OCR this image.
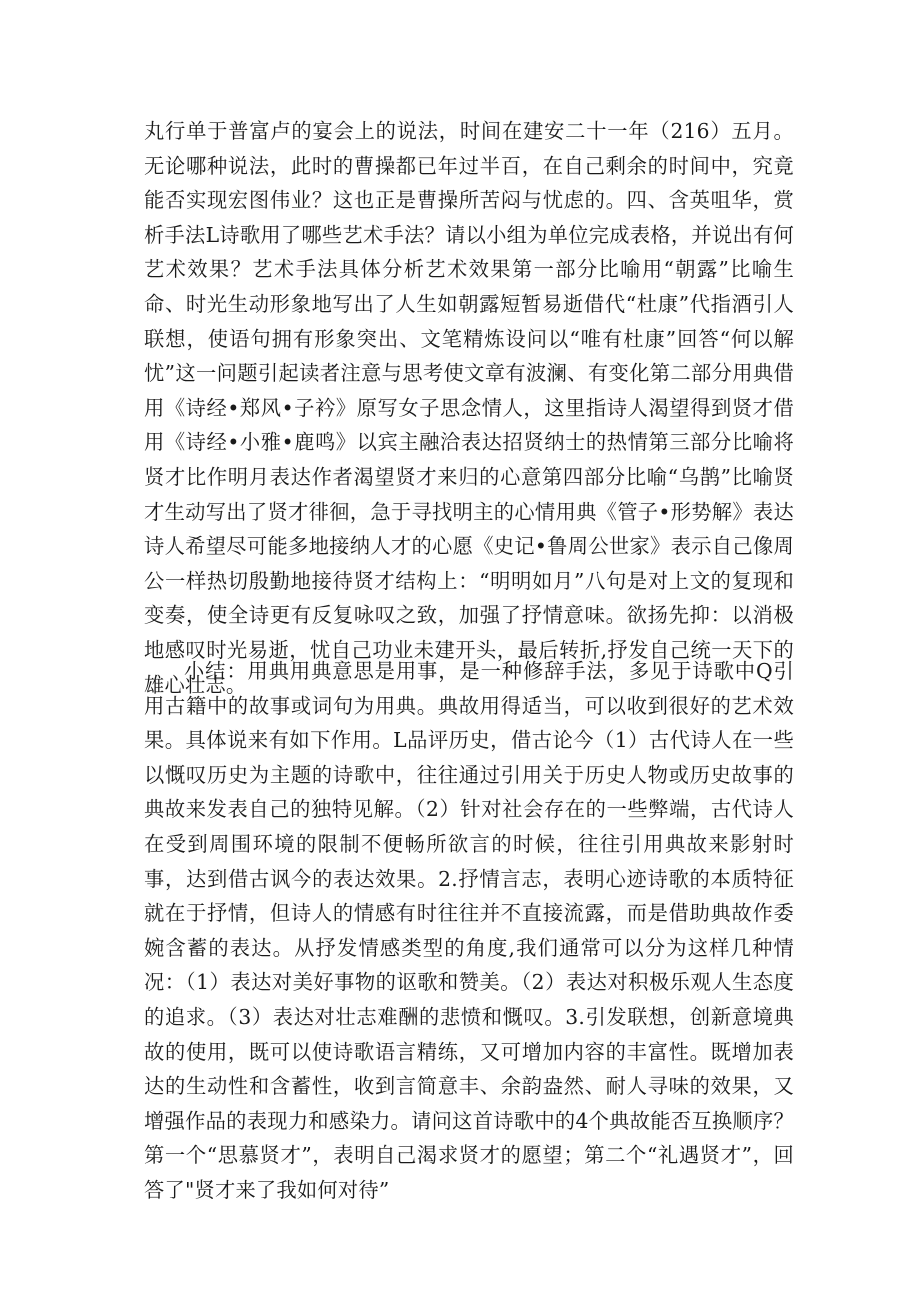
丸行单于普富卢的宴会上的说法，时间在建安二十一年（216）五月。无论哪种说法，此时的曹操都已年过半百，在自己剩余的时间中，究竟能否实现宏图伟业？这也正是曹操所苦闷与忧虑的。四、含英咀华，赏析手法L诗歌用了哪些艺术手法？请以小组为单位完成表格，并说出有何艺术效果？艺术手法具体分析艺术效果第一部分比喻用“朝露”比喻生命、时光生动形象地写出了人生如朝露短暂易逝借代“杜康”代指酒引人联想，使语句拥有形象突出、文笔精炼设问以“唯有杜康”回答“何以解忧”这一问题引起读者注意与思考使文章有波澜、有变化第二部分用典借用《诗经•郑风•子衿》原写女子思念情人，这里指诗人渴望得到贤才借用《诗经•小雅•鹿鸣》以宾主融洽表达招贤纳士的热情第三部分比喻将贤才比作明月表达作者渴望贤才来归的心意第四部分比喻“乌鹊”比喻贤才生动写出了贤才徘徊，急于寻找明主的心情用典《管子•形势解》表达诗人希望尽可能多地接纳人才的心愿《史记•鲁周公世家》表示自己像周公一样热切殷勤地接待贤才结构上：“明明如月”八句是对上文的复现和变奏，使全诗更有反复咏叹之致，加强了抒情意味。欲扬先抑：以消极地感叹时光易逝，忧自己功业未建开头，最后转折,抒发自己统一天下的雄心壮志。

小结：用典用典意思是用事，是一种修辞手法，多见于诗歌中Q引用古籍中的故事或词句为用典。典故用得适当，可以收到很好的艺术效果。具体说来有如下作用。L品评历史，借古论今（1）古代诗人在一些以慨叹历史为主题的诗歌中，往往通过引用关于历史人物或历史故事的典故来发表自己的独特见解。（2）针对社会存在的一些弊端，古代诗人在受到周围环境的限制不便畅所欲言的时候，往往引用典故来影射时事，达到借古讽今的表达效果。2.抒情言志，表明心迹诗歌的本质特征就在于抒情，但诗人的情感有时往往并不直接流露，而是借助典故作委婉含蓄的表达。从抒发情感类型的角度,我们通常可以分为这样几种情况：（1）表达对美好事物的讴歌和赞美。（2）表达对积极乐观人生态度的追求。（3）表达对壮志难酬的悲愤和慨叹。3.引发联想，创新意境典故的使用，既可以使诗歌语言精练，又可增加内容的丰富性。既增加表达的生动性和含蓄性，收到言简意丰、余韵盎然、耐人寻味的效果，又增强作品的表现力和感染力。请问这首诗歌中的4个典故能否互换顺序？第一个“思慕贤才”，表明自己渴求贤才的愿望；第二个“礼遇贤才”，回答了"贤才来了我如何对待”
